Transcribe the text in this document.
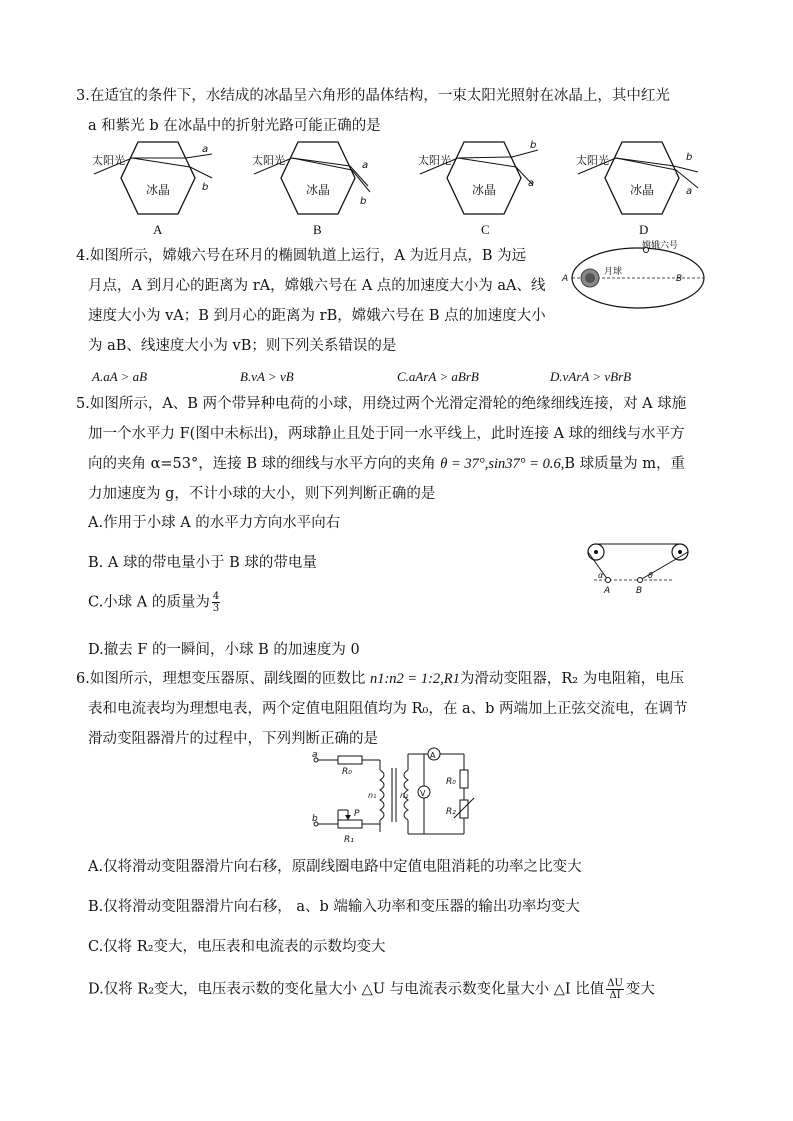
3.在适宜的条件下，水结成的冰晶呈六角形的晶体结构，一束太阳光照射在冰晶上，其中红光
a 和紫光 b 在冰晶中的折射光路可能正确的是
太阳光
冰晶
a
b
A
太阳光
冰晶
a
b
B
太阳光
冰晶
b
a
C
太阳光
冰晶
b
a
D
4.如图所示，嫦娥六号在环月的椭圆轨道上运行，A 为近月点，B 为远
月点，A 到月心的距离为 rA，嫦娥六号在 A 点的加速度大小为 aA、线
速度大小为 vA；B 到月心的距离为 rB，嫦娥六号在 B 点的加速度大小
为 aB、线速度大小为 vB；则下列关系错误的是
嫦娥六号
月球
A	B
A.aA > aB	B.vA > vB	C.aArA > aBrB	D.vArA > vBrB
5.如图所示，A、B 两个带异种电荷的小球，用绕过两个光滑定滑轮的绝缘细线连接，对 A 球施
加一个水平力 F(图中未标出)，两球静止且处于同一水平线上，此时连接 A 球的细线与水平方
向的夹角 α=53°，连接 B 球的细线与水平方向的夹角 θ = 37°,sin37° = 0.6,B 球质量为 m，重
力加速度为 g，不计小球的大小，则下列判断正确的是
A.作用于小球 A 的水平力方向水平向右
B. A 球的带电量小于 B 球的带电量
C.小球 A 的质量为 $\frac{4}{3}$
D.撤去 F 的一瞬间，小球 B 的加速度为 0
α	θ
A	B
6.如图所示，理想变压器原、副线圈的匝数比 n1:n2 = 1:2,R1为滑动变阻器，R₂ 为电阻箱，电压
表和电流表均为理想电表，两个定值电阻阻值均为 R₀，在 a、b 两端加上正弦交流电，在调节
滑动变阻器滑片的过程中，下列判断正确的是
a
b
R₀
n₁	n₂
P
R₁
A
V
R₀
R₂
A.仅将滑动变阻器滑片向右移，原副线圈电路中定值电阻消耗的功率之比变大
B.仅将滑动变阻器滑片向右移， a、b 端输入功率和变压器的输出功率均变大
C.仅将 R₂变大，电压表和电流表的示数均变大
D.仅将 R₂变大，电压表示数的变化量大小 △U 与电流表示数变化量大小 △I 比值 $\frac{\Delta U}{\Delta I}$ 变大
